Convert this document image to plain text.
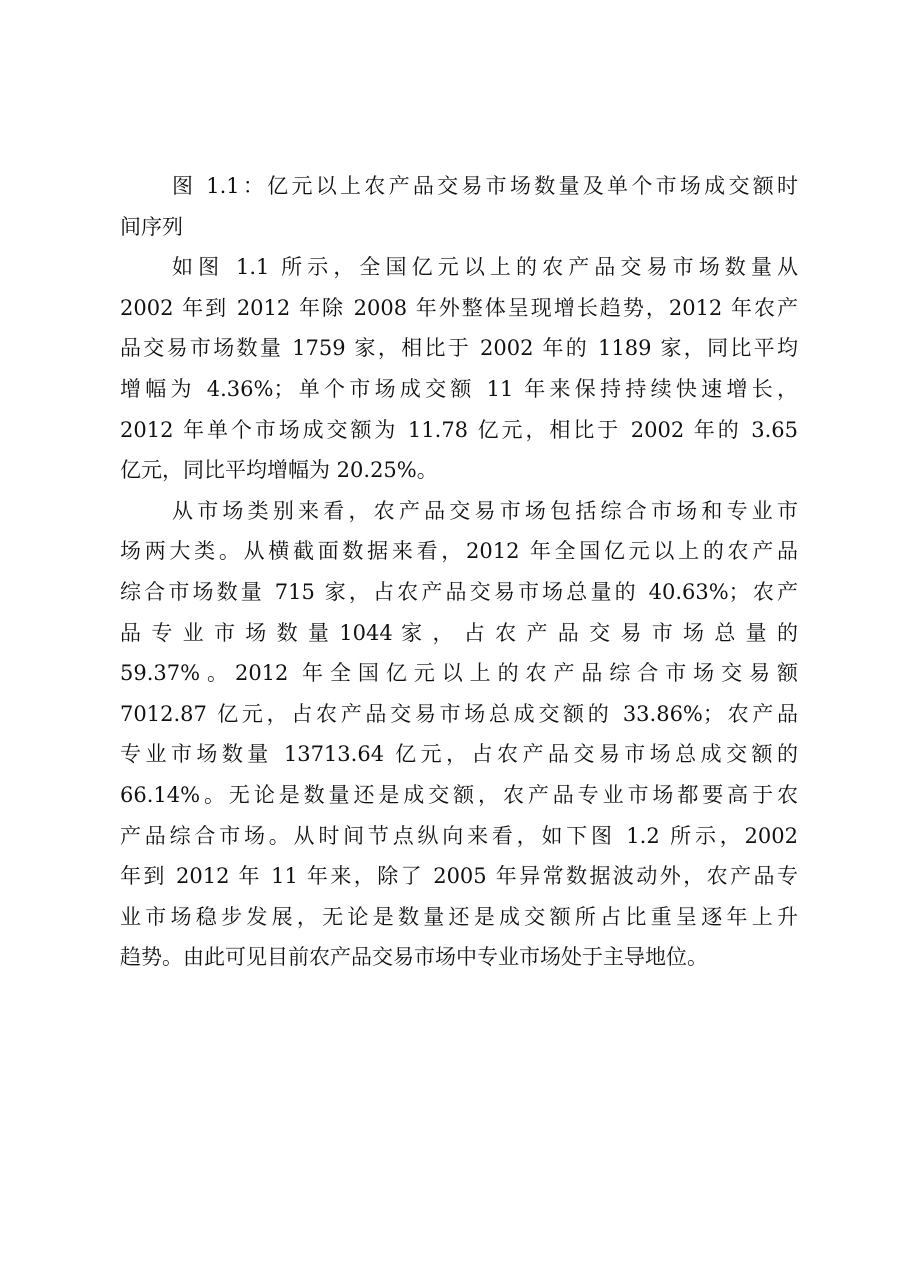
图 1.1：亿元以上农产品交易市场数量及单个市场成交额时
间序列
如图 1.1 所示，全国亿元以上的农产品交易市场数量从
2002 年到 2012 年除 2008 年外整体呈现增长趋势，2012 年农产
品交易市场数量 1759 家，相比于 2002 年的 1189 家，同比平均
增幅为 4.36%；单个市场成交额 11 年来保持持续快速增长，
2012 年单个市场成交额为 11.78 亿元，相比于 2002 年的 3.65
亿元，同比平均增幅为 20.25%。
从市场类别来看，农产品交易市场包括综合市场和专业市
场两大类。从横截面数据来看，2012 年全国亿元以上的农产品
综合市场数量 715 家，占农产品交易市场总量的 40.63%；农产
品 专 业 市 场 数 量 1044 家 ， 占 农 产 品 交 易 市 场 总 量 的
59.37%。2012 年全国亿元以上的农产品综合市场交易额
7012.87 亿元，占农产品交易市场总成交额的 33.86%；农产品
专业市场数量 13713.64 亿元，占农产品交易市场总成交额的
66.14%。无论是数量还是成交额，农产品专业市场都要高于农
产品综合市场。从时间节点纵向来看，如下图 1.2 所示，2002
年到 2012 年 11 年来，除了 2005 年异常数据波动外，农产品专
业市场稳步发展，无论是数量还是成交额所占比重呈逐年上升
趋势。由此可见目前农产品交易市场中专业市场处于主导地位。
